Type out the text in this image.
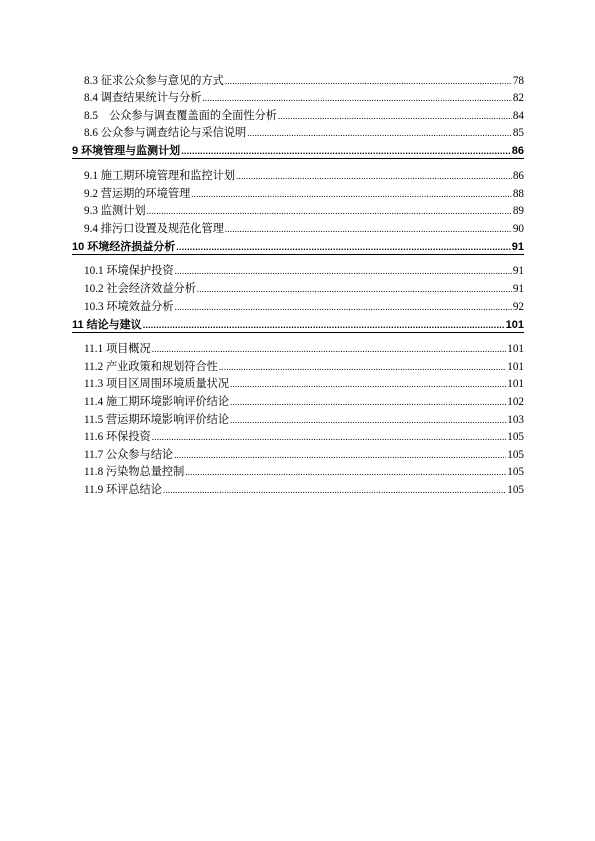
8.3 征求公众参与意见的方式 .....	78
8.4 调查结果统计与分析 .....	82
8.5    公众参与调查覆盖面的全面性分析 .....	84
8.6 公众参与调查结论与采信说明 .....	85
9 环境管理与监测计划 .....	86
9.1 施工期环境管理和监控计划 .....	86
9.2 营运期的环境管理 .....	88
9.3 监测计划 .....	89
9.4 排污口设置及规范化管理 .....	90
10 环境经济损益分析 .....	91
10.1 环境保护投资 .....	91
10.2 社会经济效益分析 .....	91
10.3 环境效益分析 .....	92
11 结论与建议 .....	101
11.1 项目概况 .....	101
11.2 产业政策和规划符合性 .....	101
11.3 项目区周围环境质量状况 .....	101
11.4 施工期环境影响评价结论 .....	102
11.5 营运期环境影响评价结论 .....	103
11.6 环保投资 .....	105
11.7 公众参与结论 .....	105
11.8 污染物总量控制 .....	105
11.9 环评总结论 .....	105
